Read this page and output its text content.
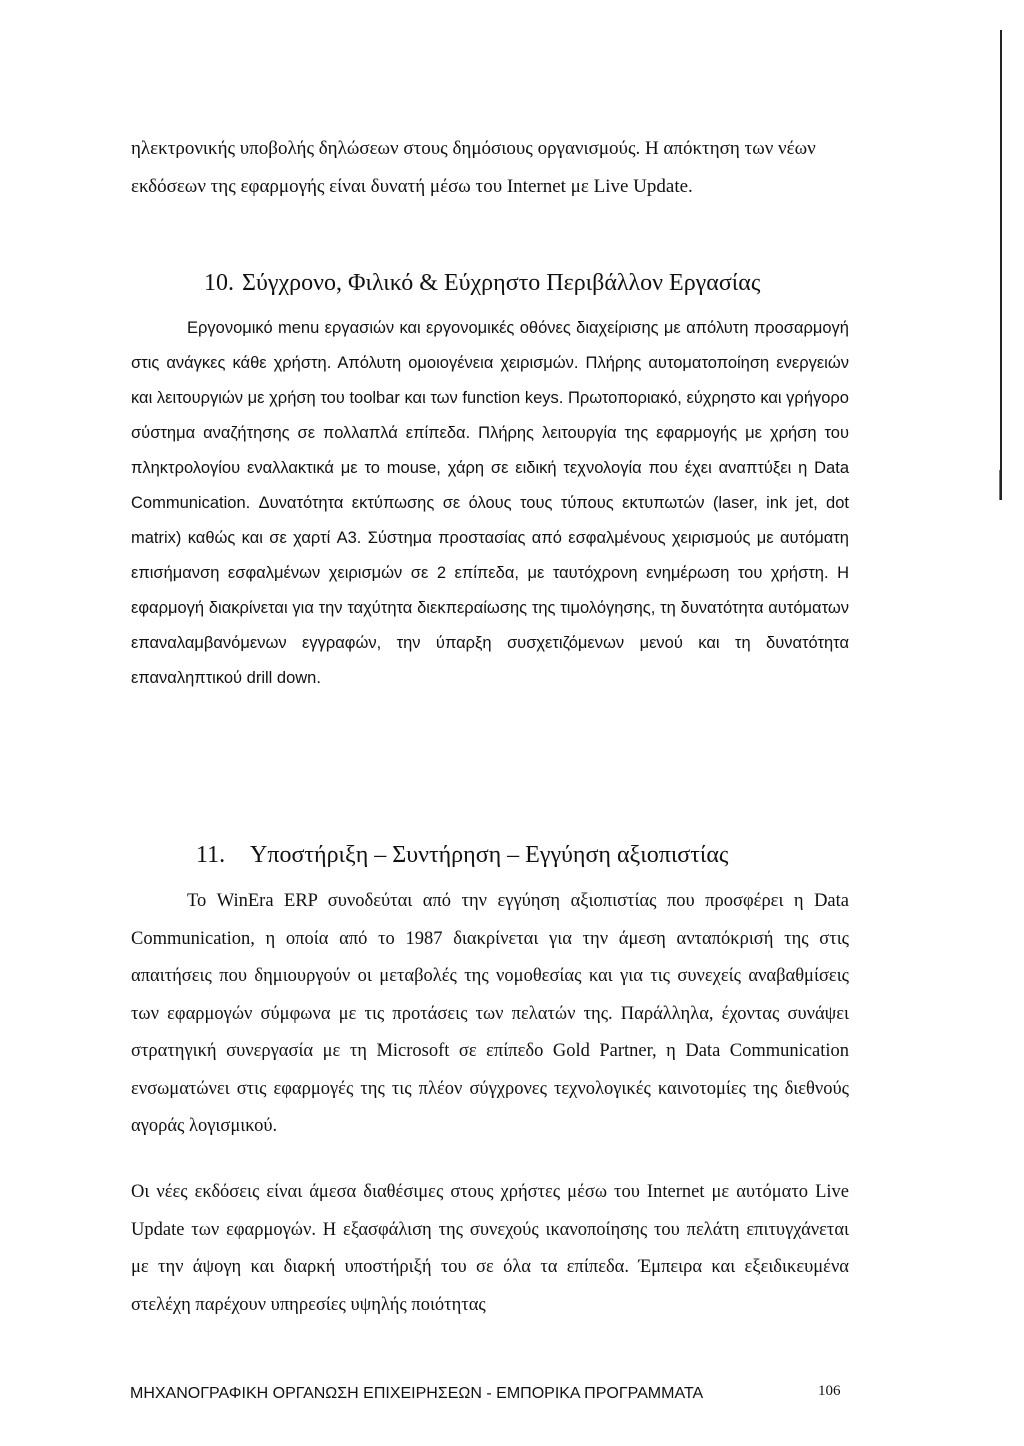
ηλεκτρονικής υποβολής δηλώσεων στους δημόσιους οργανισμούς. Η απόκτηση των νέων εκδόσεων της εφαρμογής είναι δυνατή μέσω του Internet με Live Update.

10. Σύγχρονο, Φιλικό & Εύχρηστο Περιβάλλον Εργασίας

Εργονομικό menu εργασιών και εργονομικές οθόνες διαχείρισης με απόλυτη προσαρμογή στις ανάγκες κάθε χρήστη. Απόλυτη ομοιογένεια χειρισμών. Πλήρης αυτοματοποίηση ενεργειών και λειτουργιών με χρήση του toolbar και των function keys. Πρωτοποριακό, εύχρηστο και γρήγορο σύστημα αναζήτησης σε πολλαπλά επίπεδα. Πλήρης λειτουργία της εφαρμογής με χρήση του πληκτρολογίου εναλλακτικά με το mouse, χάρη σε ειδική τεχνολογία που έχει αναπτύξει η Data Communication. Δυνατότητα εκτύπωσης σε όλους τους τύπους εκτυπωτών (laser, ink jet, dot matrix) καθώς και σε χαρτί A3. Σύστημα προστασίας από εσφαλμένους χειρισμούς με αυτόματη επισήμανση εσφαλμένων χειρισμών σε 2 επίπεδα, με ταυτόχρονη ενημέρωση του χρήστη. Η εφαρμογή διακρίνεται για την ταχύτητα διεκπεραίωσης της τιμολόγησης, τη δυνατότητα αυτόματων επαναλαμβανόμενων εγγραφών, την ύπαρξη συσχετιζόμενων μενού και τη δυνατότητα επαναληπτικού drill down.

11. Υποστήριξη – Συντήρηση – Εγγύηση αξιοπιστίας

Το WinEra ERP συνοδεύται από την εγγύηση αξιοπιστίας που προσφέρει η Data Communication, η οποία από το 1987 διακρίνεται για την άμεση ανταπόκρισή της στις απαιτήσεις που δημιουργούν οι μεταβολές της νομοθεσίας και για τις συνεχείς αναβαθμίσεις των εφαρμογών σύμφωνα με τις προτάσεις των πελατών της. Παράλληλα, έχοντας συνάψει στρατηγική συνεργασία με τη Microsoft σε επίπεδο Gold Partner, η Data Communication ενσωματώνει στις εφαρμογές της τις πλέον σύγχρονες τεχνολογικές καινοτομίες της διεθνούς αγοράς λογισμικού.

Οι νέες εκδόσεις είναι άμεσα διαθέσιμες στους χρήστες μέσω του Internet με αυτόματο Live Update των εφαρμογών. Η εξασφάλιση της συνεχούς ικανοποίησης του πελάτη επιτυγχάνεται με την άψογη και διαρκή υποστήριξή του σε όλα τα επίπεδα. Έμπειρα και εξειδικευμένα στελέχη παρέχουν υπηρεσίες υψηλής ποιότητας

ΜΗΧΑΝΟΓΡΑΦΙΚΗ ΟΡΓΑΝΩΣΗ ΕΠΙΧΕΙΡΗΣΕΩΝ - ΕΜΠΟΡΙΚΑ ΠΡΟΓΡΑΜΜΑΤΑ	106
